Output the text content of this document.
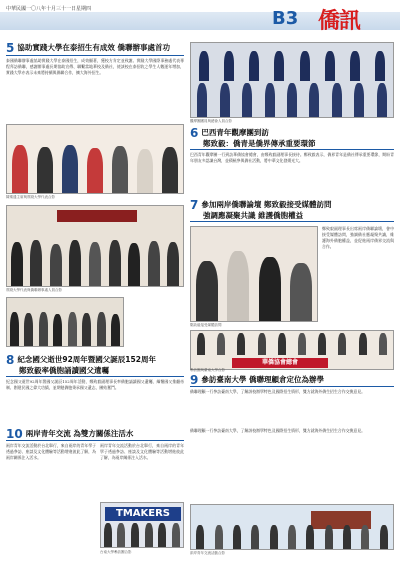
中華民國一〇八年十月三十一日星期四	B3 僑訊
5 協助實踐大學在泰招生有成效 僑聯辦事處首功
泰國僑聯辦事處協助實踐大學在泰國招生，成效顯著，獲校方肯定並致謝。實踐大學國際事務處代表專程拜訪僑聯，感謝辦事處長期協助宣傳、聯繫當地華校及僑社，使該校在泰招收之學生人數逐年增加，實踐大學亦表示未來將持續與僑聯合作，擴大海外招生。
陳秦通主席與實踐大學代表合影
實踐大學代表與僑聯辦事處人員合影
觀摩團團員與總會人員合影
6 巴西青年觀摩團到訪
鄭致毅：僑青是僑界傳承重要環節
巴西青年觀摩團一行到訪華僑協會總會，由鄭致毅副理事長接待。鄭致毅表示，僑界青年是僑社傳承重要環節，期盼青年朋友多認識台灣，並積極參與僑社活動，將中華文化發揚光大。
7 參加兩岸僑聯論壇 鄭致毅接受媒體訪問
強調應凝聚共識 維護僑胞權益
鄭致毅副理事長出席兩岸僑聯論壇，會中接受媒體訪問，強調僑社應凝聚共識，維護海外僑胞權益，並促進兩岸僑界交流與合作。
鄭致毅接受媒體訪問
華僑協會總會
8 紀念國父逝世92周年暨國父誕辰152周年
鄭致毅率僑胞誦讀國父遺囑
紀念國父逝世92周年暨國父誕辰152周年活動，鄭致毅副理事長率僑胞誦讀國父遺囑，緬懷國父推翻帝制、創建民國之偉大功績，並期勉僑胞秉承國父遺志，團結奮鬥。
9 參訪臺南大學 僑聯理顧倉定位為辦學
僑聯理顧一行參訪臺南大學，了解該校辦學特色及國際招生情形，雙方就海外僑生招生合作交換意見。
10 兩岸青年交流 為雙方關係注活水
兩岸青年交流活動於台北舉行，來自兩岸的青年學子透過參訪、座談及文化體驗等活動增進彼此了解，為兩岸關係注入活水。
TMAKERS
台南大學參訪團合影
兩岸青年交流活動於台北舉行，來自兩岸的青年學子透過參訪、座談及文化體驗等活動增進彼此了解，為兩岸關係注入活水。
僑聯理顧一行參訪臺南大學，了解該校辦學特色及國際招生情形，雙方就海外僑生招生合作交換意見。
兩岸青年交流活動合影
參訪團與臺南大學合影
